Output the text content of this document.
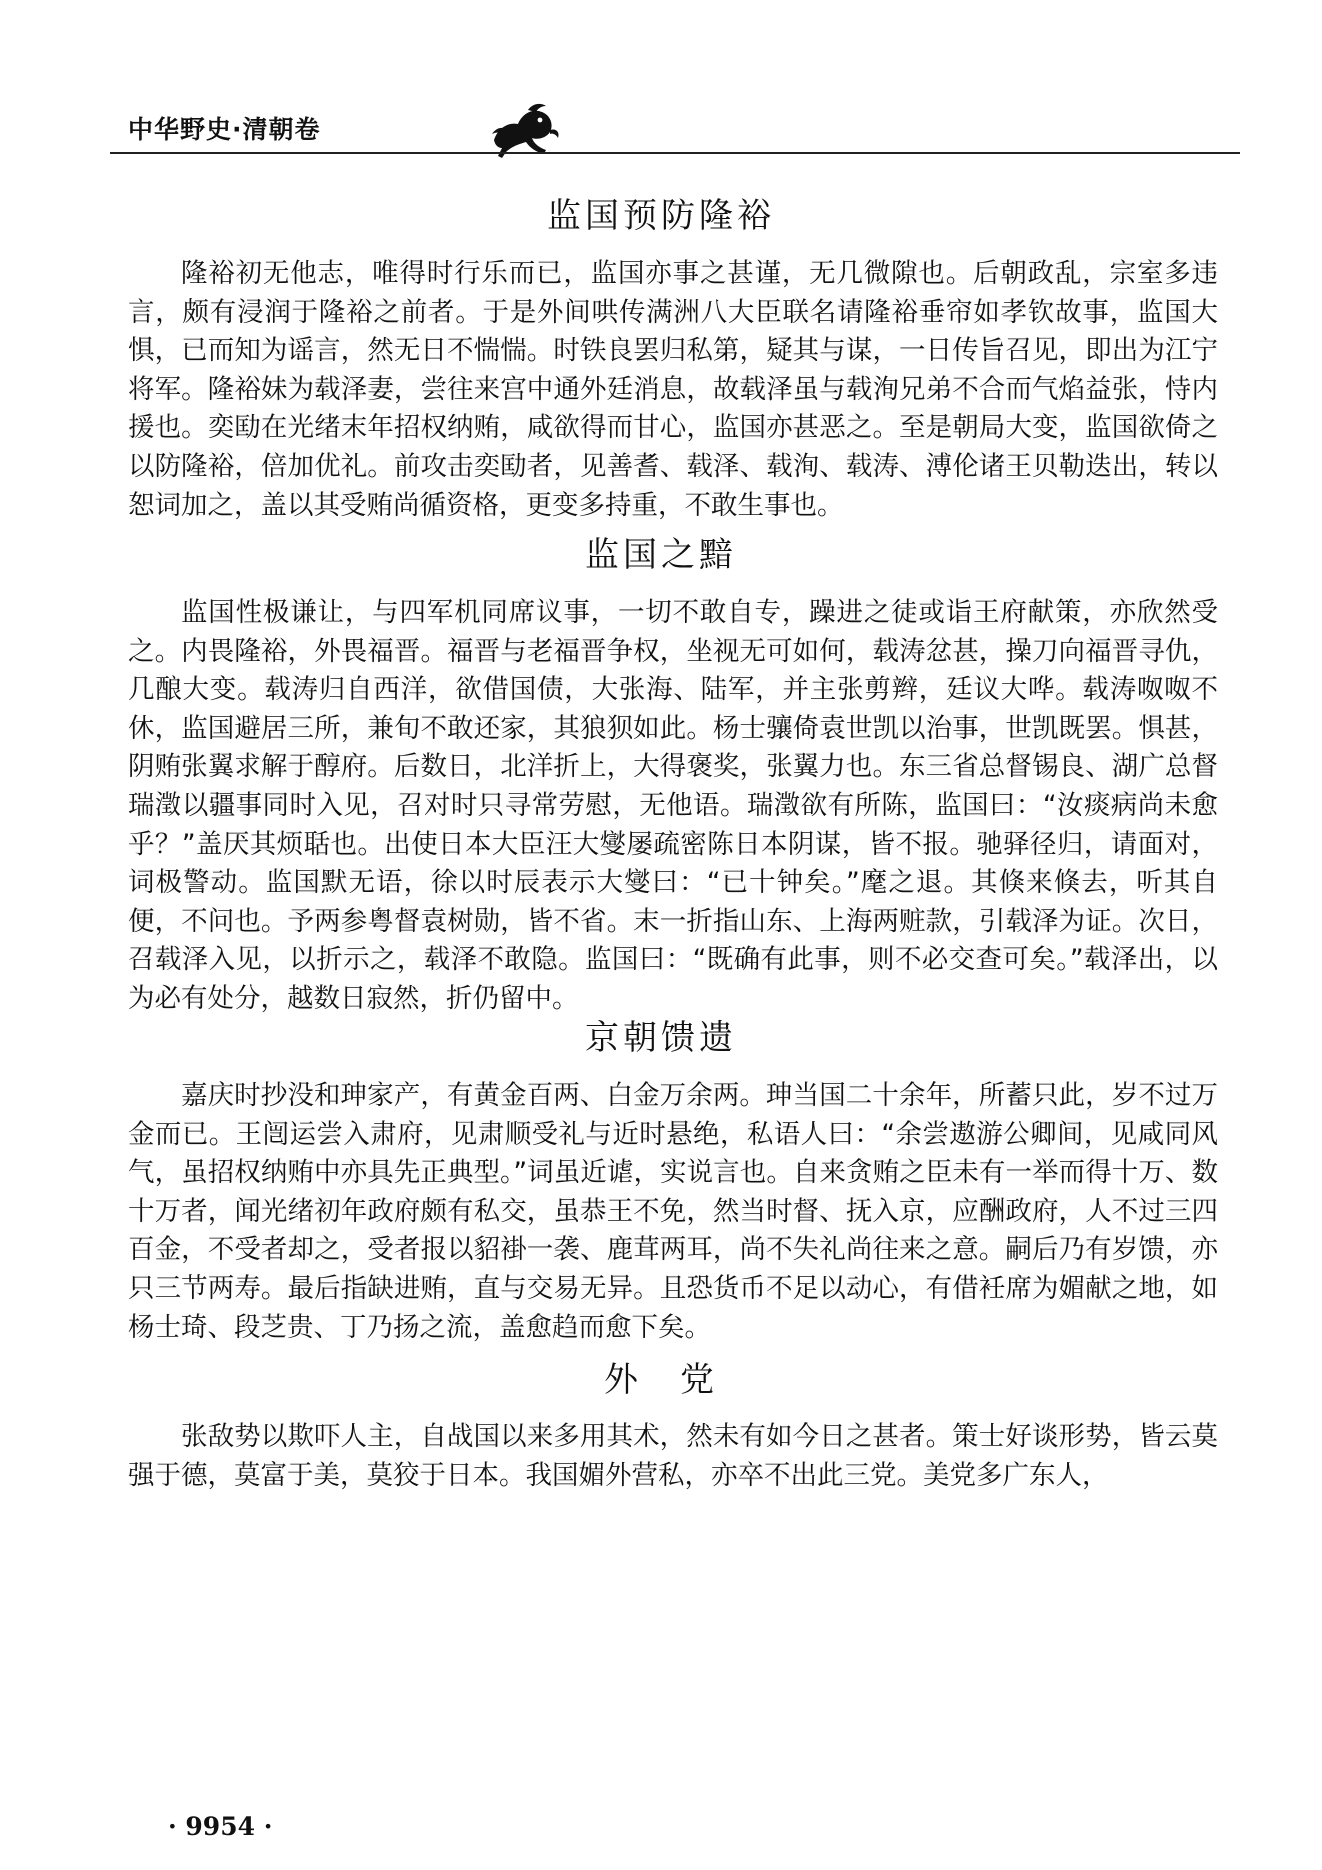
中华野史·清朝卷
监国预防隆裕
隆裕初无他志，唯得时行乐而已，监国亦事之甚谨，无几微隙也。后朝政乱，宗室多违言，颇有浸润于隆裕之前者。于是外间哄传满洲八大臣联名请隆裕垂帘如孝钦故事，监国大惧，已而知为谣言，然无日不惴惴。时铁良罢归私第，疑其与谋，一日传旨召见，即出为江宁将军。隆裕妹为载泽妻，尝往来宫中通外廷消息，故载泽虽与载洵兄弟不合而气焰益张，恃内援也。奕劻在光绪末年招权纳贿，咸欲得而甘心，监国亦甚恶之。至是朝局大变，监国欲倚之以防隆裕，倍加优礼。前攻击奕劻者，见善耆、载泽、载洵、载涛、溥伦诸王贝勒迭出，转以恕词加之，盖以其受贿尚循资格，更变多持重，不敢生事也。
监国之黯
监国性极谦让，与四军机同席议事，一切不敢自专，躁进之徒或诣王府献策，亦欣然受之。内畏隆裕，外畏福晋。福晋与老福晋争权，坐视无可如何，载涛忿甚，操刀向福晋寻仇，几酿大变。载涛归自西洋，欲借国债，大张海、陆军，并主张剪辫，廷议大哗。载涛呶呶不休，监国避居三所，兼旬不敢还家，其狼狈如此。杨士骧倚袁世凯以治事，世凯既罢。惧甚，阴贿张翼求解于醇府。后数日，北洋折上，大得褒奖，张翼力也。东三省总督锡良、湖广总督瑞澂以疆事同时入见，召对时只寻常劳慰，无他语。瑞澂欲有所陈，监国曰：“汝痰病尚未愈乎？”盖厌其烦聒也。出使日本大臣汪大燮屡疏密陈日本阴谋，皆不报。驰驿径归，请面对，词极警动。监国默无语，徐以时辰表示大燮曰：“已十钟矣。”麾之退。其倏来倏去，听其自便，不问也。予两参粤督袁树勋，皆不省。末一折指山东、上海两赃款，引载泽为证。次日，召载泽入见，以折示之，载泽不敢隐。监国曰：“既确有此事，则不必交查可矣。”载泽出，以为必有处分，越数日寂然，折仍留中。
京朝馈遗
嘉庆时抄没和珅家产，有黄金百两、白金万余两。珅当国二十余年，所蓄只此，岁不过万金而已。王闿运尝入肃府，见肃顺受礼与近时悬绝，私语人曰：“余尝遨游公卿间，见咸同风气，虽招权纳贿中亦具先正典型。”词虽近谑，实说言也。自来贪贿之臣未有一举而得十万、数十万者，闻光绪初年政府颇有私交，虽恭王不免，然当时督、抚入京，应酬政府，人不过三四百金，不受者却之，受者报以貂褂一袭、鹿茸两耳，尚不失礼尚往来之意。嗣后乃有岁馈，亦只三节两寿。最后指缺进贿，直与交易无异。且恐货币不足以动心，有借衽席为媚献之地，如杨士琦、段芝贵、丁乃扬之流，盖愈趋而愈下矣。
外　党
张敌势以欺吓人主，自战国以来多用其术，然未有如今日之甚者。策士好谈形势，皆云莫强于德，莫富于美，莫狡于日本。我国媚外营私，亦卒不出此三党。美党多广东人，
· 9954 ·
